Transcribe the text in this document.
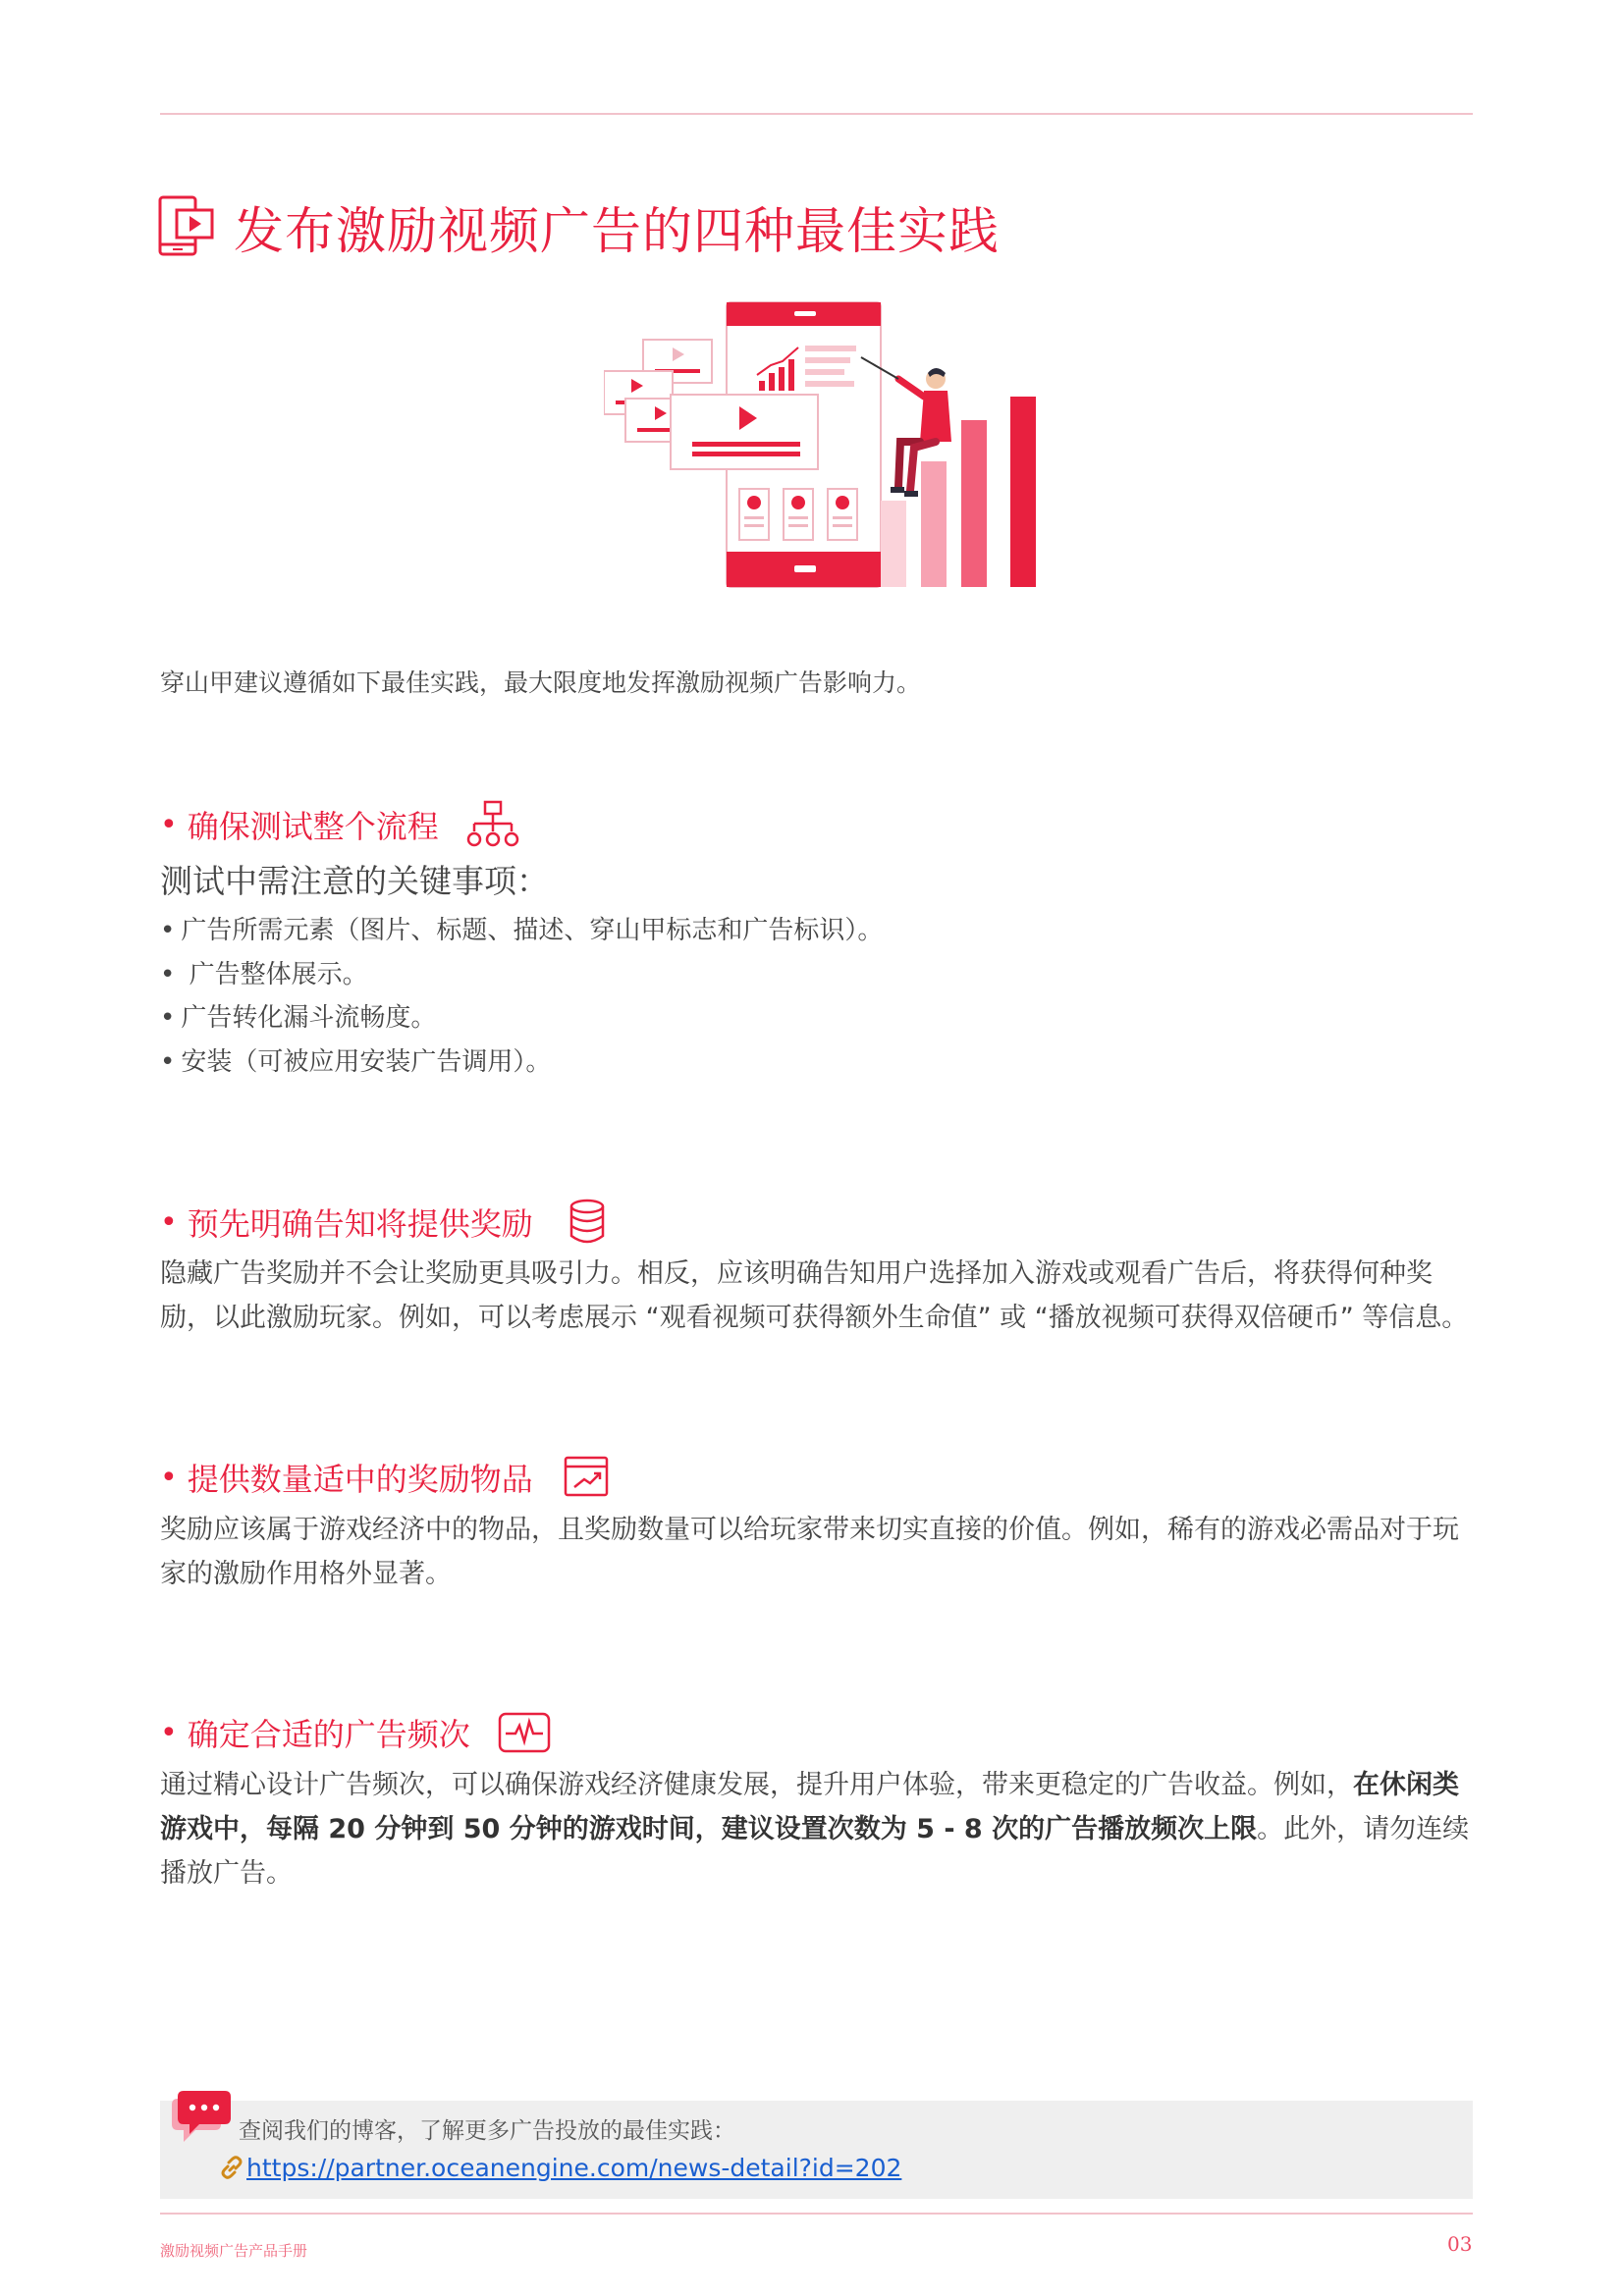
发布激励视频广告的四种最佳实践
穿山甲建议遵循如下最佳实践，最大限度地发挥激励视频广告影响力。
• 确保测试整个流程
测试中需注意的关键事项：
• 广告所需元素（图片、标题、描述、穿山甲标志和广告标识）。
• 广告整体展示。
• 广告转化漏斗流畅度。
• 安装（可被应用安装广告调用）。
• 预先明确告知将提供奖励
隐藏广告奖励并不会让奖励更具吸引力。相反，应该明确告知用户选择加入游戏或观看广告后，将获得何种奖励，以此激励玩家。例如，可以考虑展示 “观看视频可获得额外生命值” 或 “播放视频可获得双倍硬币” 等信息。
• 提供数量适中的奖励物品
奖励应该属于游戏经济中的物品，且奖励数量可以给玩家带来切实直接的价值。例如，稀有的游戏必需品对于玩家的激励作用格外显著。
• 确定合适的广告频次
通过精心设计广告频次，可以确保游戏经济健康发展，提升用户体验，带来更稳定的广告收益。例如，在休闲类游戏中，每隔 20 分钟到 50 分钟的游戏时间，建议设置次数为 5 - 8 次的广告播放频次上限。此外，请勿连续播放广告。
查阅我们的博客，了解更多广告投放的最佳实践：
https://partner.oceanengine.com/news-detail?id=202
激励视频广告产品手册	03
